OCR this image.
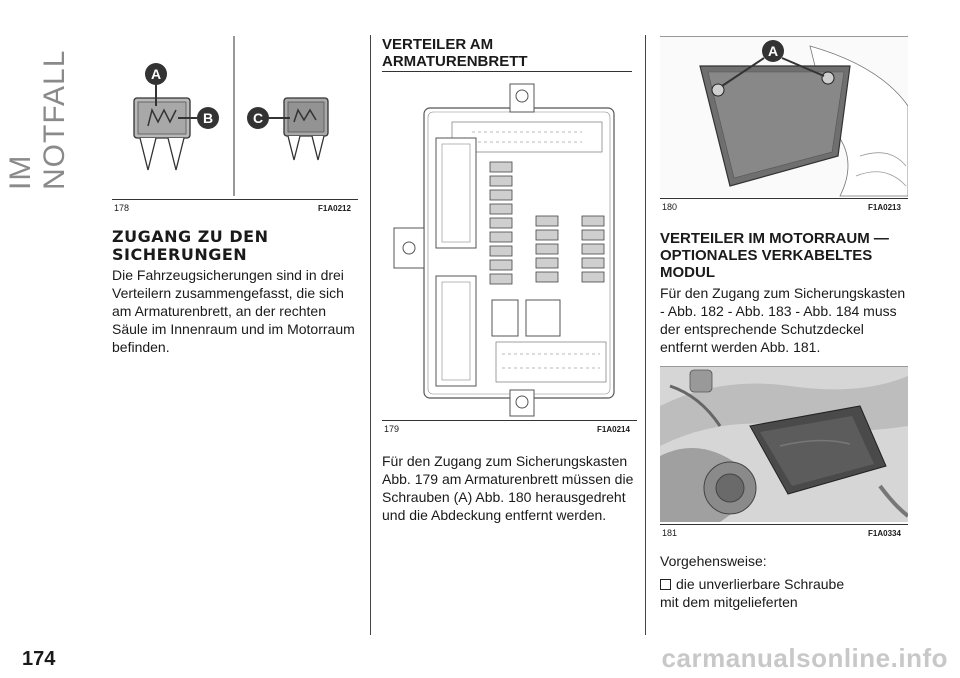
IM NOTFALL
174
A
B	C
178	F1A0212
ZUGANG ZU DEN SICHERUNGEN
Die Fahrzeugsicherungen sind in drei Verteilern zusammengefasst, die sich am Armaturenbrett, an der rechten Säule im Innenraum und im Motorraum befinden.
VERTEILER AM ARMATURENBRETT
179	F1A0214
Für den Zugang zum Sicherungskasten Abb. 179 am Armaturenbrett müssen die Schrauben (A) Abb. 180 herausgedreht und die Abdeckung entfernt werden.
A
180	F1A0213
VERTEILER IM MOTORRAUM — OPTIONALES VERKABELTES MODUL
Für den Zugang zum Sicherungskasten - Abb. 182 - Abb. 183 - Abb. 184 muss der entsprechende Schutzdeckel entfernt werden Abb. 181.
181	F1A0334
Vorgehensweise:
die unverlierbare Schraube
mit dem mitgelieferten
carmanualsonline.info
